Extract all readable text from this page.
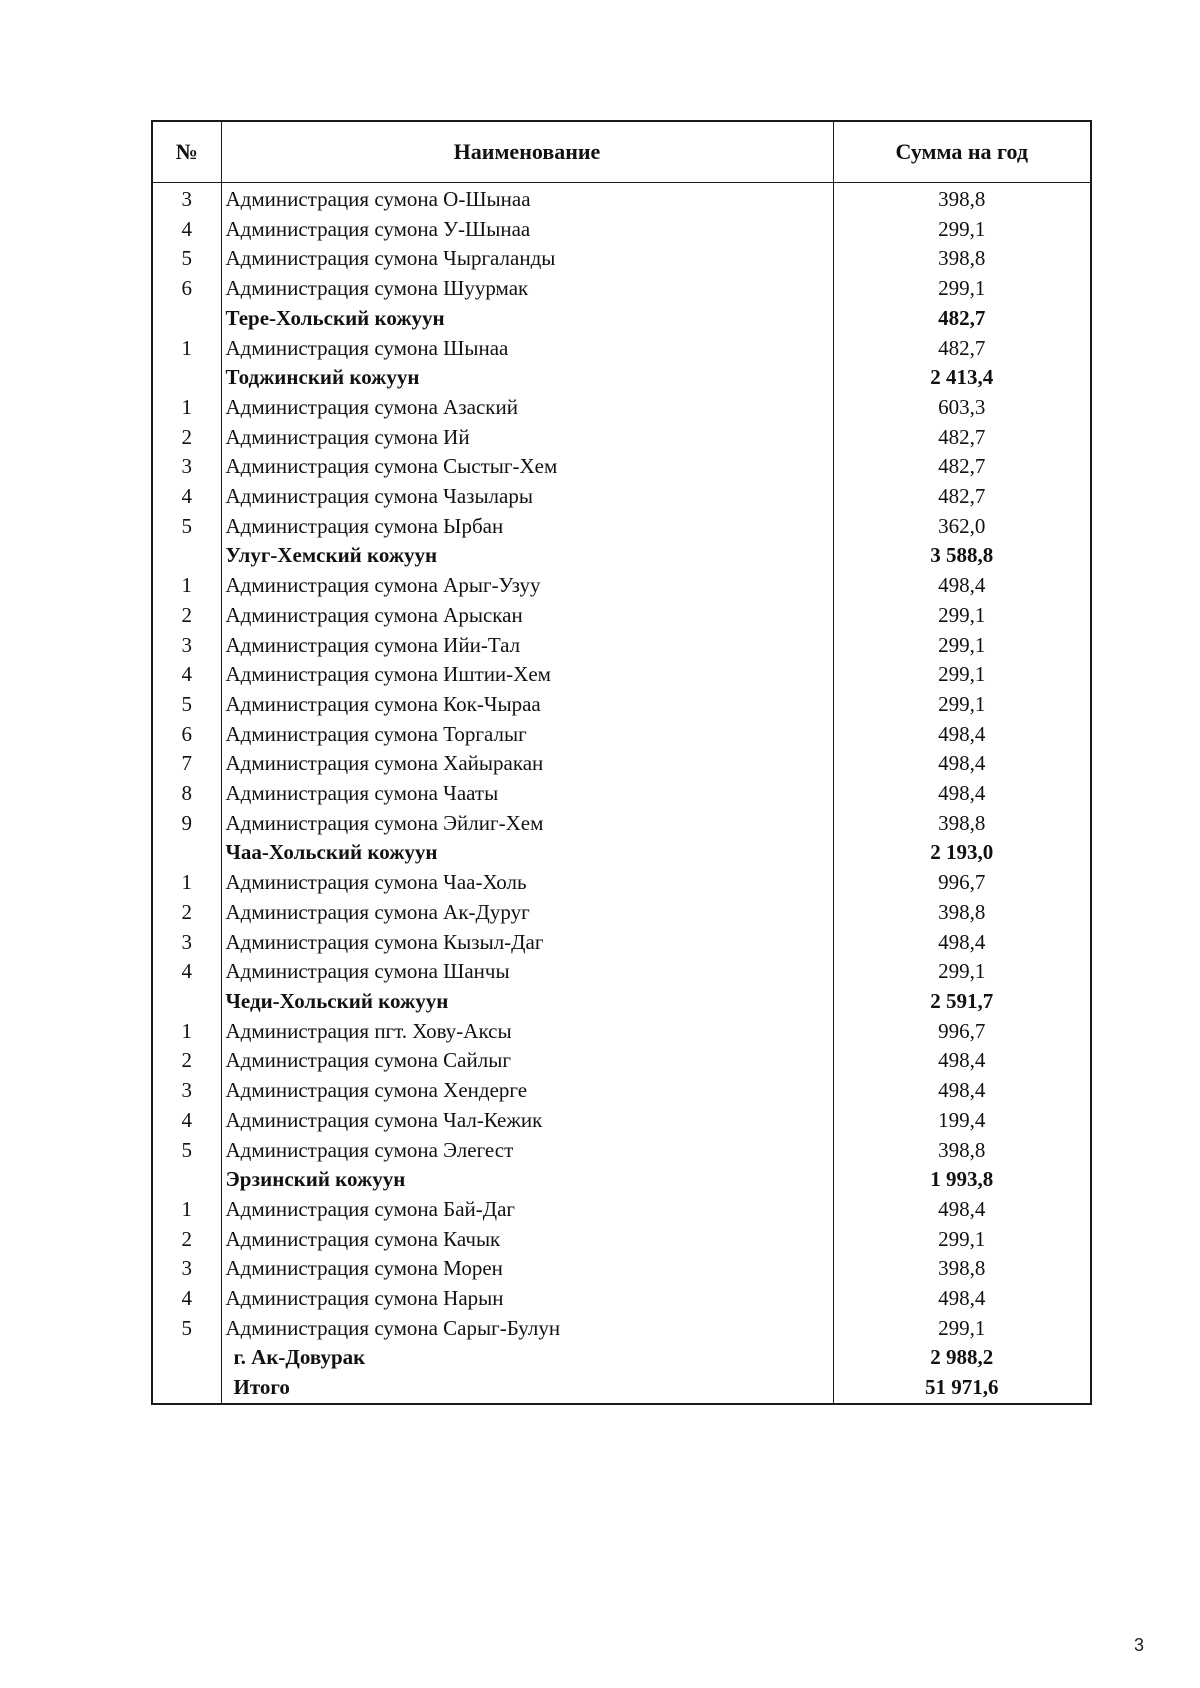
№	Наименование	Сумма на год
3	Администрация сумона О-Шынаа	398,8
4	Администрация сумона У-Шынаа	299,1
5	Администрация сумона Чыргаланды	398,8
6	Администрация сумона Шуурмак	299,1
	Тере-Хольский кожуун	482,7
1	Администрация сумона Шынаа	482,7
	Тоджинский кожуун	2 413,4
1	Администрация сумона Азаский	603,3
2	Администрация сумона Ий	482,7
3	Администрация сумона Сыстыг-Хем	482,7
4	Администрация сумона Чазылары	482,7
5	Администрация сумона Ырбан	362,0
	Улуг-Хемский кожуун	3 588,8
1	Администрация сумона Арыг-Узуу	498,4
2	Администрация сумона Арыскан	299,1
3	Администрация сумона Ийи-Тал	299,1
4	Администрация сумона Иштии-Хем	299,1
5	Администрация сумона Кок-Чыраа	299,1
6	Администрация сумона Торгалыг	498,4
7	Администрация сумона Хайыракан	498,4
8	Администрация сумона Чааты	498,4
9	Администрация сумона Эйлиг-Хем	398,8
	Чаа-Хольский кожуун	2 193,0
1	Администрация сумона Чаа-Холь	996,7
2	Администрация сумона Ак-Дуруг	398,8
3	Администрация сумона Кызыл-Даг	498,4
4	Администрация сумона Шанчы	299,1
	Чеди-Хольский кожуун	2 591,7
1	Администрация пгт. Хову-Аксы	996,7
2	Администрация сумона Сайлыг	498,4
3	Администрация сумона Хендерге	498,4
4	Администрация сумона Чал-Кежик	199,4
5	Администрация сумона Элегест	398,8
	Эрзинский кожуун	1 993,8
1	Администрация сумона Бай-Даг	498,4
2	Администрация сумона Качык	299,1
3	Администрация сумона Морен	398,8
4	Администрация сумона Нарын	498,4
5	Администрация сумона Сарыг-Булун	299,1
	г. Ак-Довурак	2 988,2
	Итого	51 971,6
3
